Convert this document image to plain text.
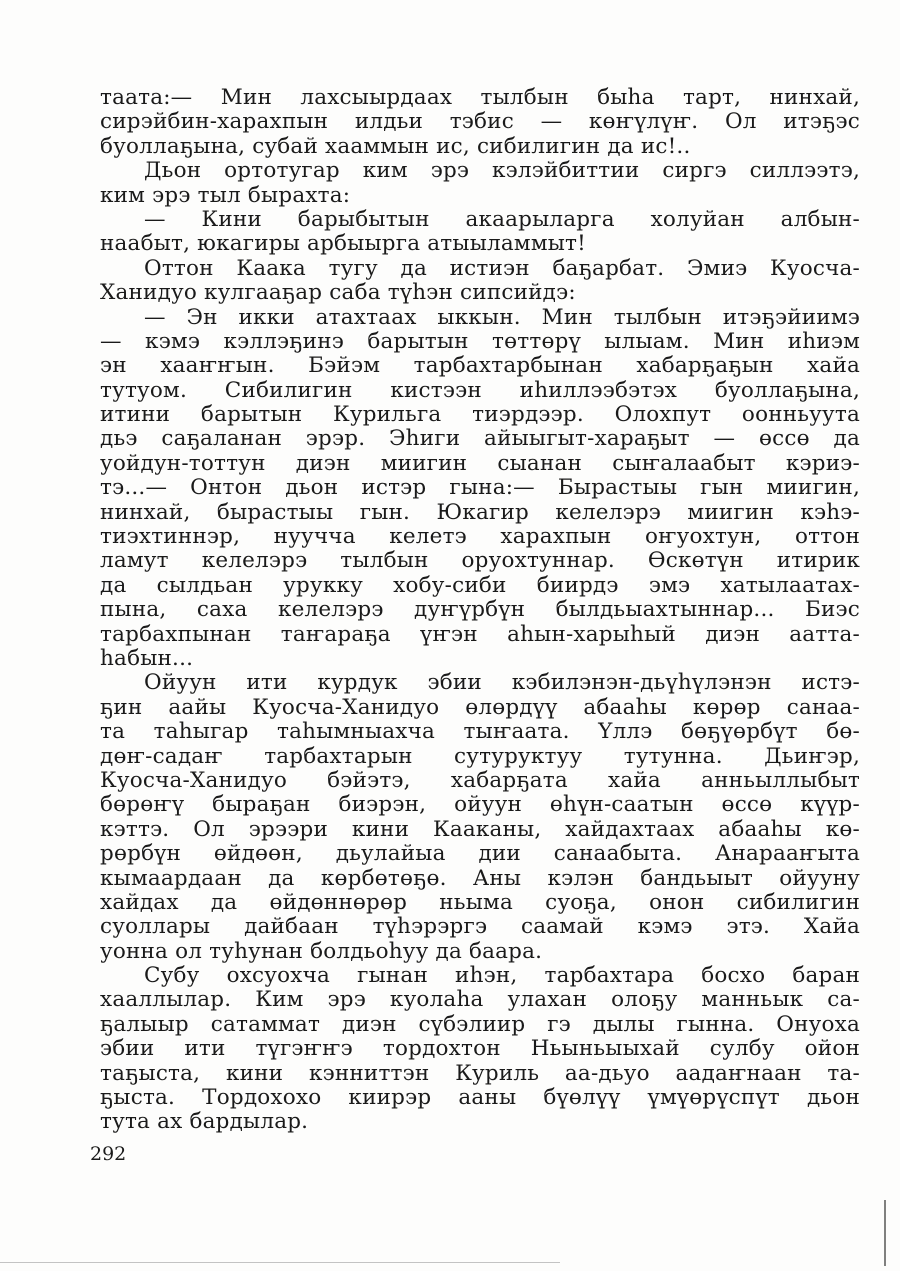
таата:— Мин лахсыырдаах тылбын быhа тарт, нинхай,
сирэйбин-харахпын илдьи тэбис — көҥүлүҥ. Ол итэҕэс
буоллаҕына, субай хааммын ис, сибилигин да ис!..
Дьон ортотугар ким эрэ кэлэйбиттии сиргэ силлээтэ,
ким эрэ тыл бырахта:
— Кини барыбытын акаарыларга холуйан албын-
наабыт, юкагиры арбыырга атыыламмыт!
Оттон Каака тугу да истиэн баҕарбат. Эмиэ Куосча-
Ханидуо кулгааҕар саба түhэн сипсийдэ:
— Эн икки атахтаах ыккын. Мин тылбын итэҕэйиимэ
— кэмэ кэллэҕинэ барытын төттөрү ылыам. Мин иhиэм
эн хааҥҥын. Бэйэм тарбахтарбынан хабарҕаҕын хайа
тутуом. Сибилигин кистээн иhиллээбэтэх буоллаҕына,
итини барытын Курильга тиэрдээр. Олохпут оонньуута
дьэ саҕаланан эрэр. Эhиги айыыгыт-хараҕыт — өссө да
уойдун-тоттун диэн миигин сыанан сыҥалаабыт кэриэ-
тэ...— Онтон дьон истэр гына:— Бырастыы гын миигин,
нинхай, бырастыы гын. Юкагир келелэрэ миигин кэhэ-
тиэхтиннэр, нуучча келетэ харахпын оҥуохтун, оттон
ламут келелэрэ тылбын оруохтуннар. Өскөтүн итирик
да сылдьан урукку хобу-сиби биирдэ эмэ хатылаатах-
пына, саха келелэрэ дуҥүрбүн былдьыахтыннар... Биэс
тарбахпынан таҥараҕа үҥэн аhын-харыhый диэн аатта-
hабын...
Ойуун ити курдук эбии кэбилэнэн-дьүhүлэнэн истэ-
ҕин аайы Куосча-Ханидуо өлөрдүү абааhы көрөр санаа-
та таhыгар таhымныахча тыҥаата. Үллэ бөҕүөрбүт бө-
дөҥ-садаҥ тарбахтарын сутуруктуу тутунна. Дьиҥэр,
Куосча-Ханидуо бэйэтэ, хабарҕата хайа анньыллыбыт
бөрөҥү быраҕан биэрэн, ойуун өhүн-саатын өссө күүр-
кэттэ. Ол эрээри кини Кааканы, хайдахтаах абааhы кө-
рөрбүн өйдөөн, дьулайыа дии санаабыта. Анарааҥыта
кымаардаан да көрбөтөҕө. Аны кэлэн бандьыыт ойууну
хайдах да өйдөннөрөр ньыма суоҕа, онон сибилигин
суоллары дайбаан түhэрэргэ саамай кэмэ этэ. Хайа
уонна ол туhунан болдьоhуу да баара.
Субу охсуохча гынан иhэн, тарбахтара босхо баран
хааллылар. Ким эрэ куолаhа улахан олоҕу манньык са-
ҕалыыр сатаммат диэн сүбэлиир гэ дылы гынна. Онуоха
эбии ити түгэҥҥэ тордохтон Ньыньыыхай сулбу ойон
таҕыста, кини кэнниттэн Куриль аа-дьуо аадаҥнаан та-
ҕыста. Тордохохо киирэр ааны бүөлүү үмүөрүспүт дьон
тута ах бардылар.
292
